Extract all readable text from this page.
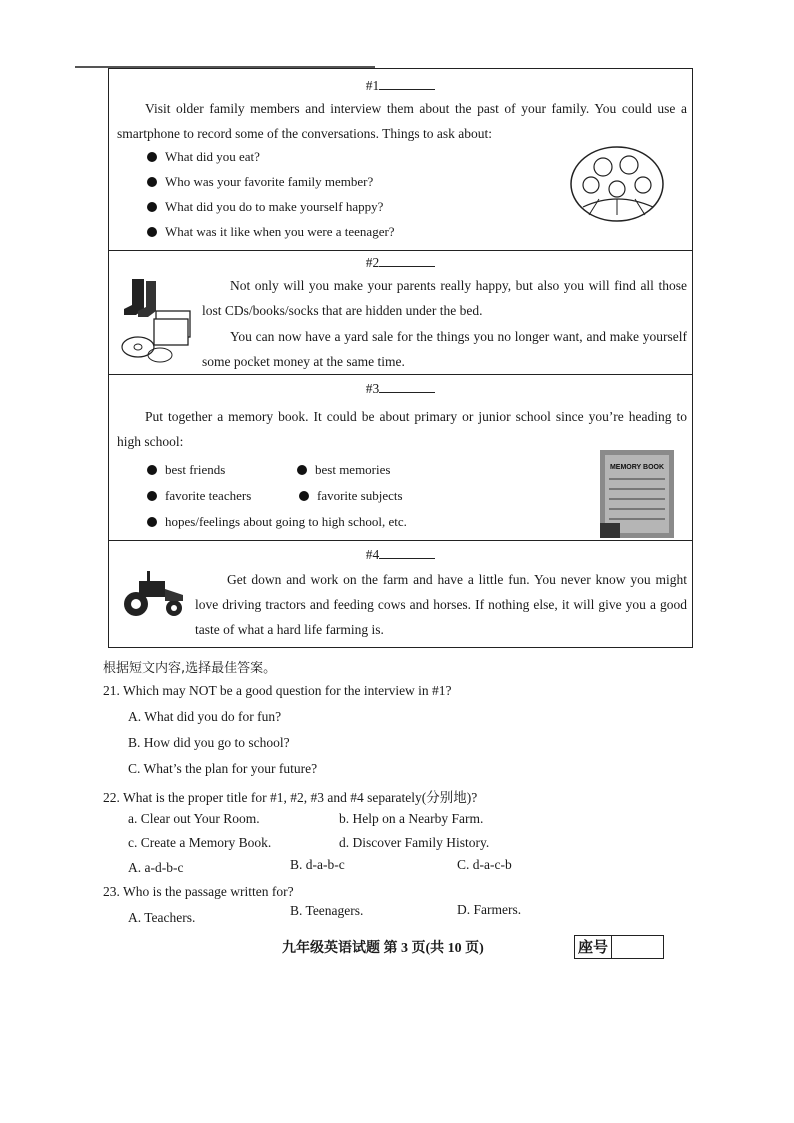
#1
Visit older family members and interview them about the past of your family. You could use a smartphone to record some of the conversations. Things to ask about:
What did you eat?
Who was your favorite family member?
What did you do to make yourself happy?
What was it like when you were a teenager?
#2
Not only will you make your parents really happy, but also you will find all those lost CDs/books/socks that are hidden under the bed.
You can now have a yard sale for the things you no longer want, and make yourself some pocket money at the same time.
#3
Put together a memory book. It could be about primary or junior school since you’re heading to high school:
best friends	best memories
favorite teachers	favorite subjects
hopes/feelings about going to high school, etc.
MEMORY BOOK
#4
Get down and work on the farm and have a little fun. You never know you might love driving tractors and feeding cows and horses. If nothing else, it will give you a good taste of what a hard life farming is.
根据短文内容,选择最佳答案。
21. Which may NOT be a good question for the interview in #1?
A. What did you do for fun?
B. How did you go to school?
C. What’s the plan for your future?
22. What is the proper title for #1, #2, #3 and #4 separately(分别地)?
a. Clear out Your Room.	b. Help on a Nearby Farm.
c. Create a Memory Book.	d. Discover Family History.
A. a-d-b-c	B. d-a-b-c	C. d-a-c-b
23. Who is the passage written for?
A. Teachers.	B. Teenagers.	D. Farmers.
九年级英语试题 第 3 页(共 10 页)	座号
